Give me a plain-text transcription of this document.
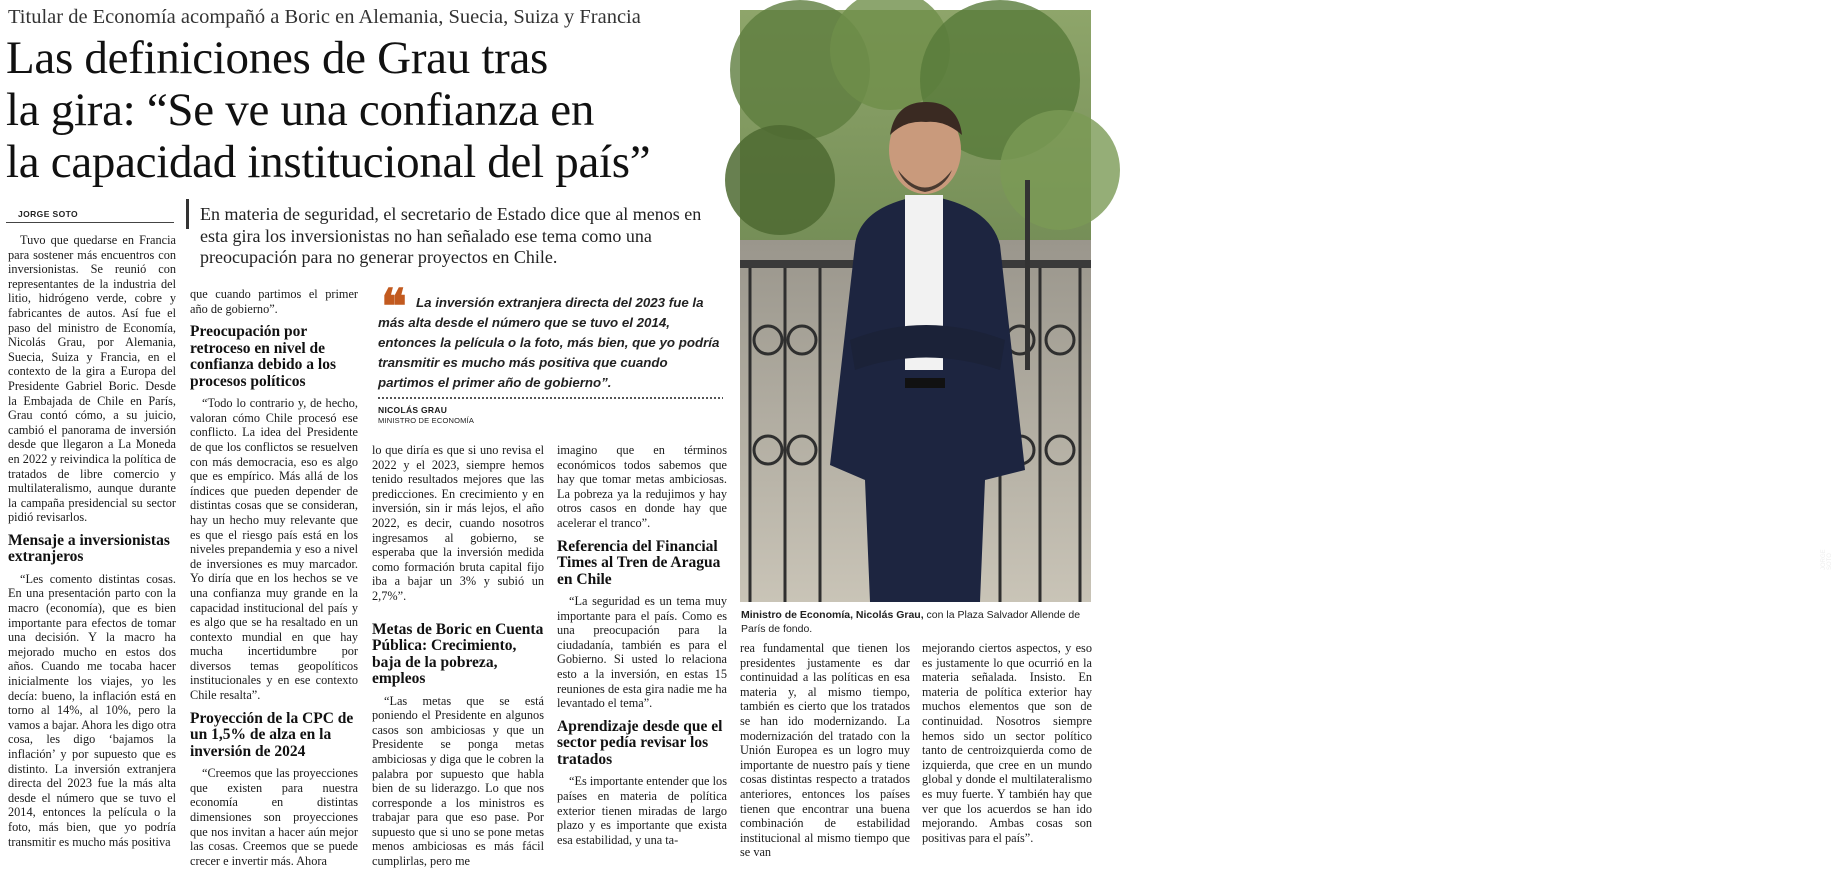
Titular de Economía acompañó a Boric en Alemania, Suecia, Suiza y Francia
Las definiciones de Grau tras
la gira: “Se ve una confianza en
la capacidad institucional del país”
JORGE SOTO	En materia de seguridad, el secretario de Estado dice que al menos en esta gira los inversionistas no han señalado ese tema como una preocupación para no generar proyectos en Chile.

Tuvo que quedarse en Francia para sostener más encuentros con inversionistas. Se reunió con representantes de la industria del litio, hidrógeno verde, cobre y fabricantes de autos. Así fue el paso del ministro de Economía, Nicolás Grau, por Alemania, Suecia, Suiza y Francia, en el contexto de la gira a Europa del Presidente Gabriel Boric. Desde la Embajada de Chile en París, Grau contó cómo, a su juicio, cambió el panorama de inversión desde que llegaron a La Moneda en 2022 y reivindica la política de tratados de libre comercio y multilateralismo, aunque durante la campaña presidencial su sector pidió revisarlos.

Mensaje a inversionistas extranjeros

“Les comento distintas cosas. En una presentación parto con la macro (economía), que es bien importante para efectos de tomar una decisión. Y la macro ha mejorado mucho en estos dos años. Cuando me tocaba hacer inicialmente los viajes, yo les decía: bueno, la inflación está en torno al 14%, al 10%, pero la vamos a bajar. Ahora les digo otra cosa, les digo ‘bajamos la inflación’ y por supuesto que es distinto. La inversión extranjera directa del 2023 fue la más alta desde el número que se tuvo el 2014, entonces la película o la foto, más bien, que yo podría transmitir es mucho más positiva

que cuando partimos el primer año de gobierno”.

Preocupación por retroceso en nivel de confianza debido a los procesos políticos

“Todo lo contrario y, de hecho, valoran cómo Chile procesó ese conflicto. La idea del Presidente de que los conflictos se resuelven con más democracia, eso es algo que es empírico. Más allá de los índices que pueden depender de distintas cosas que se consideran, hay un hecho muy relevante que es que el riesgo país está en los niveles prepandemia y eso a nivel de inversiones es muy marcador. Yo diría que en los hechos se ve una confianza muy grande en la capacidad institucional del país y es algo que se ha resaltado en un contexto mundial en que hay mucha incertidumbre por diversos temas geopolíticos institucionales y en ese contexto Chile resalta”.

Proyección de la CPC de un 1,5% de alza en la inversión de 2024

“Creemos que las proyecciones que existen para nuestra economía en distintas dimensiones son proyecciones que nos invitan a hacer aún mejor las cosas. Creemos que se puede crecer e invertir más. Ahora

❝ La inversión extranjera directa del 2023 fue la más alta desde el número que se tuvo el 2014, entonces la película o la foto, más bien, que yo podría transmitir es mucho más positiva que cuando partimos el primer año de gobierno”.
NICOLÁS GRAU
MINISTRO DE ECONOMÍA

lo que diría es que si uno revisa el 2022 y el 2023, siempre hemos tenido resultados mejores que las predicciones. En crecimiento y en inversión, sin ir más lejos, el año 2022, es decir, cuando nosotros ingresamos al gobierno, se esperaba que la inversión medida como formación bruta capital fijo iba a bajar un 3% y subió un 2,7%”.

Metas de Boric en Cuenta Pública: Crecimiento, baja de la pobreza, empleos

“Las metas que se está poniendo el Presidente en algunos casos son ambiciosas y que un Presidente se ponga metas ambiciosas y diga que le cobren la palabra por supuesto que habla bien de su liderazgo. Lo que nos corresponde a los ministros es trabajar para que eso pase. Por supuesto que si uno se pone metas menos ambiciosas es más fácil cumplirlas, pero me

imagino que en términos económicos todos sabemos que hay que tomar metas ambiciosas. La pobreza ya la redujimos y hay otros casos en donde hay que acelerar el tranco”.

Referencia del Financial Times al Tren de Aragua en Chile

“La seguridad es un tema muy importante para el país. Como es una preocupación para la ciudadanía, también es para el Gobierno. Si usted lo relaciona esto a la inversión, en estas 15 reuniones de esta gira nadie me ha levantado el tema”.

Aprendizaje desde que el sector pedía revisar los tratados

“Es importante entender que los países en materia de política exterior tienen miradas de largo plazo y es importante que exista esa estabilidad, y una ta-

rea fundamental que tienen los presidentes justamente es dar continuidad a las políticas en esa materia y, al mismo tiempo, también es cierto que los tratados se han ido modernizando. La modernización del tratado con la Unión Europea es un logro muy importante de nuestro país y tiene cosas distintas respecto a tratados anteriores, entonces los países tienen que encontrar una buena combinación de estabilidad institucional al mismo tiempo que se van

mejorando ciertos aspectos, y eso es justamente lo que ocurrió en la materia señalada. Insisto. En materia de política exterior hay muchos elementos que son de continuidad. Nosotros siempre hemos sido un sector político tanto de centroizquierda como de izquierda, que cree en un mundo global y donde el multilateralismo es muy fuerte. Y también hay que ver que los acuerdos se han ido mejorando. Ambas cosas son positivas para el país”.

JORGE SOTO
Ministro de Economía, Nicolás Grau, con la Plaza Salvador Allende de París de fondo.
